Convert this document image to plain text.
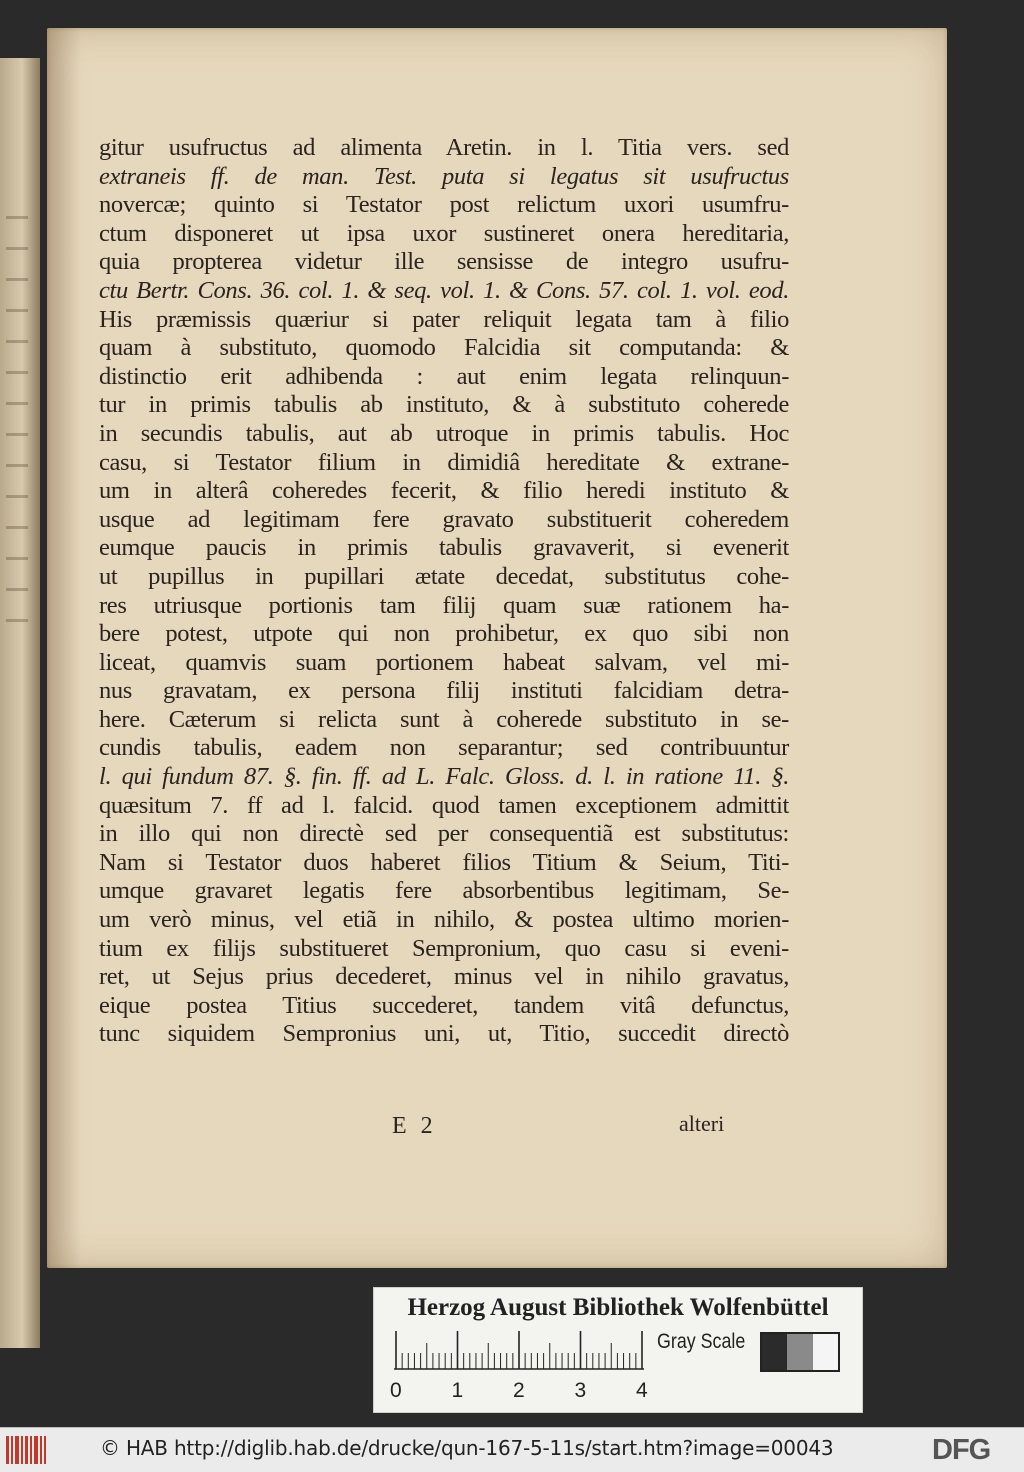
gitur usufructus ad alimenta Aretin. in l. Titia vers. sed
extraneis ff. de man. Test. puta si legatus sit usufructus
novercæ; quinto si Testator post relictum uxori usumfru-
ctum disponeret ut ipsa uxor sustineret onera hereditaria,
quia propterea videtur ille sensisse de integro usufru-
ctu Bertr. Cons. 36. col. 1. & seq. vol. 1. & Cons. 57. col. 1. vol. eod.
His præmissis quæriur si pater reliquit legata tam à filio
quam à substituto, quomodo Falcidia sit computanda: &
distinctio erit adhibenda : aut enim legata relinquun-
tur in primis tabulis ab instituto, & à substituto coherede
in secundis tabulis, aut ab utroque in primis tabulis. Hoc
casu, si Testator filium in dimidiâ hereditate & extrane-
um in alterâ coheredes fecerit, & filio heredi instituto &
usque ad legitimam fere gravato substituerit coheredem
eumque paucis in primis tabulis gravaverit, si evenerit
ut pupillus in pupillari ætate decedat, substitutus cohe-
res utriusque portionis tam filij quam suæ rationem ha-
bere potest, utpote qui non prohibetur, ex quo sibi non
liceat, quamvis suam portionem habeat salvam, vel mi-
nus gravatam, ex persona filij instituti falcidiam detra-
here. Cæterum si relicta sunt à coherede substituto in se-
cundis tabulis, eadem non separantur; sed contribuuntur
l. qui fundum 87. §. fin. ff. ad L. Falc. Gloss. d. l. in ratione 11. §.
quæsitum 7. ff ad l. falcid. quod tamen exceptionem admittit
in illo qui non directè sed per consequentiã est substitutus:
Nam si Testator duos haberet filios Titium & Seium, Titi-
umque gravaret legatis fere absorbentibus legitimam, Se-
um verò minus, vel etiã in nihilo, & postea ultimo morien-
tium ex filijs substitueret Sempronium, quo casu si eveni-
ret, ut Sejus prius decederet, minus vel in nihilo gravatus,
eique postea Titius succederet, tandem vitâ defunctus,
tunc siquidem Sempronius uni, ut, Titio, succedit directò
E 2	alteri
Herzog August Bibliothek Wolfenbüttel
0 1 2 3 4
Gray Scale
© HAB http://diglib.hab.de/drucke/qun-167-5-11s/start.htm?image=00043	DFG
